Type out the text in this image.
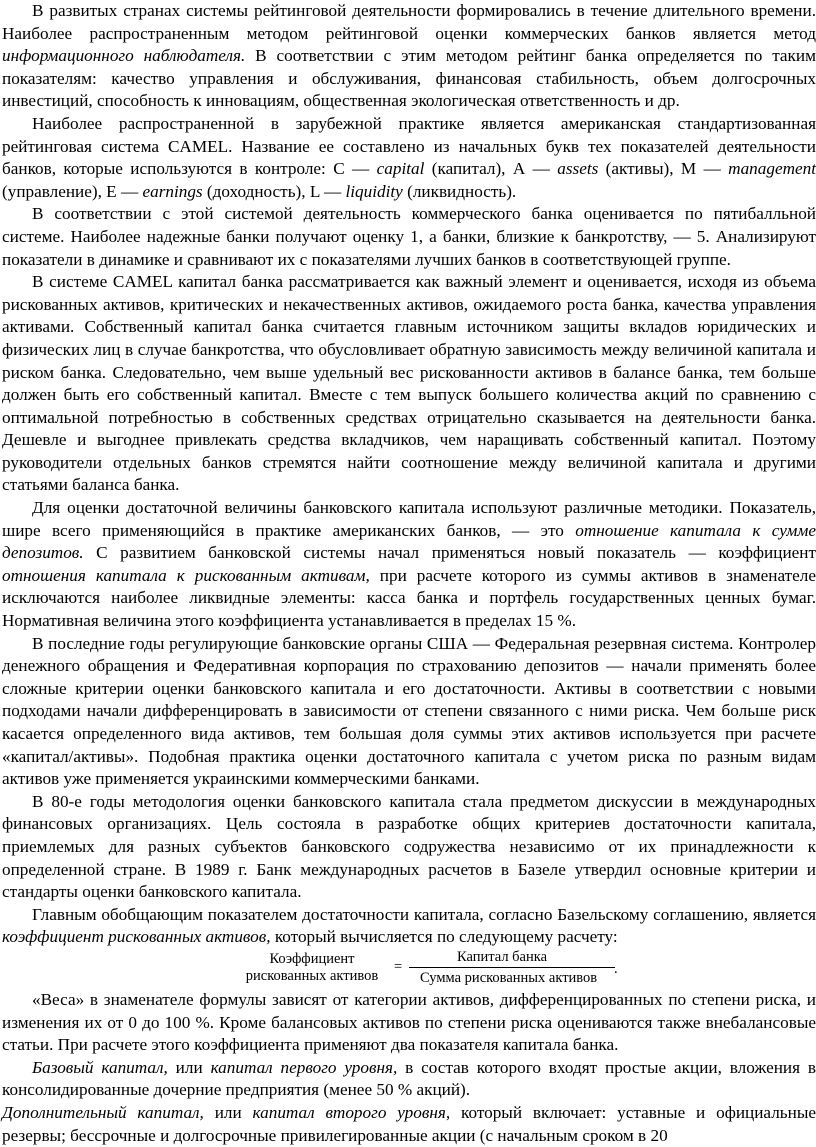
В развитых странах системы рейтинговой деятельности формировались в течение длительного времени. Наиболее распространенным методом рейтинговой оценки коммерческих банков является метод информационного наблюдателя. В соответствии с этим методом рейтинг банка определяется по таким показателям: качество управления и обслуживания, финансовая стабильность, объем долгосрочных инвестиций, способность к инновациям, общественная экологическая ответственность и др.

Наиболее распространенной в зарубежной практике является американская стандартизованная рейтинговая система CAMEL. Название ее составлено из начальных букв тех показателей деятельности банков, которые используются в контроле: С — capital (капитал), А — assets (активы), М — management (управление), Е — earnings (доходность), L — liquidity (ликвидность).

В соответствии с этой системой деятельность коммерческого банка оценивается по пятибалльной системе. Наиболее надежные банки получают оценку 1, а банки, близкие к банкротству, — 5. Анализируют показатели в динамике и сравнивают их с показателями лучших банков в соответствующей группе.

В системе CAMEL капитал банка рассматривается как важный элемент и оценивается, исходя из объема рискованных активов, критических и некачественных активов, ожидаемого роста банка, качества управления активами. Собственный капитал банка считается главным источником защиты вкладов юридических и физических лиц в случае банкротства, что обусловливает обратную зависимость между величиной капитала и риском банка. Следовательно, чем выше удельный вес рискованности активов в балансе банка, тем больше должен быть его собственный капитал. Вместе с тем выпуск большего количества акций по сравнению с оптимальной потребностью в собственных средствах отрицательно сказывается на деятельности банка. Дешевле и выгоднее привлекать средства вкладчиков, чем наращивать собственный капитал. Поэтому руководители отдельных банков стремятся найти соотношение между величиной капитала и другими статьями баланса банка.

Для оценки достаточной величины банковского капитала используют различные методики. Показатель, шире всего применяющийся в практике американских банков, — это отношение капитала к сумме депозитов. С развитием банковской системы начал применяться новый показатель — коэффициент отношения капитала к рискованным активам, при расчете которого из суммы активов в знаменателе исключаются наиболее ликвидные элементы: касса банка и портфель государственных ценных бумаг. Нормативная величина этого коэффициента устанавливается в пределах 15 %.

В последние годы регулирующие банковские органы США — Федеральная резервная система. Контролер денежного обращения и Федеративная корпорация по страхованию депозитов — начали применять более сложные критерии оценки банковского капитала и его достаточности. Активы в соответствии с новыми подходами начали дифференцировать в зависимости от степени связанного с ними риска. Чем больше риск касается определенного вида активов, тем большая доля суммы этих активов используется при расчете «капитал/активы». Подобная практика оценки достаточного капитала с учетом риска по разным видам активов уже применяется украинскими коммерческими банками.

В 80-е годы методология оценки банковского капитала стала предметом дискуссии в международных финансовых организациях. Цель состояла в разработке общих критериев достаточности капитала, приемлемых для разных субъектов банковского содружества независимо от их принадлежности к определенной стране. В 1989 г. Банк международных расчетов в Базеле утвердил основные критерии и стандарты оценки банковского капитала.

Главным обобщающим показателем достаточности капитала, согласно Базельскому соглашению, является коэффициент рискованных активов, который вычисляется по следующему расчету:

Коэффициент
рискованных активов
=
Капитал банка
Сумма рискованных активов
.

«Веса» в знаменателе формулы зависят от категории активов, дифференцированных по степени риска, и изменения их от 0 до 100 %. Кроме балансовых активов по степени риска оцениваются также внебалансовые статьи. При расчете этого коэффициента применяют два показателя капитала банка.

Базовый капитал, или капитал первого уровня, в состав которого входят простые акции, вложения в консолидированные дочерние предприятия (менее 50 % акций).

Дополнительный капитал, или капитал второго уровня, который включает: уставные и официальные резервы; бессрочные и долгосрочные привилегированные акции (с начальным сроком в 20
